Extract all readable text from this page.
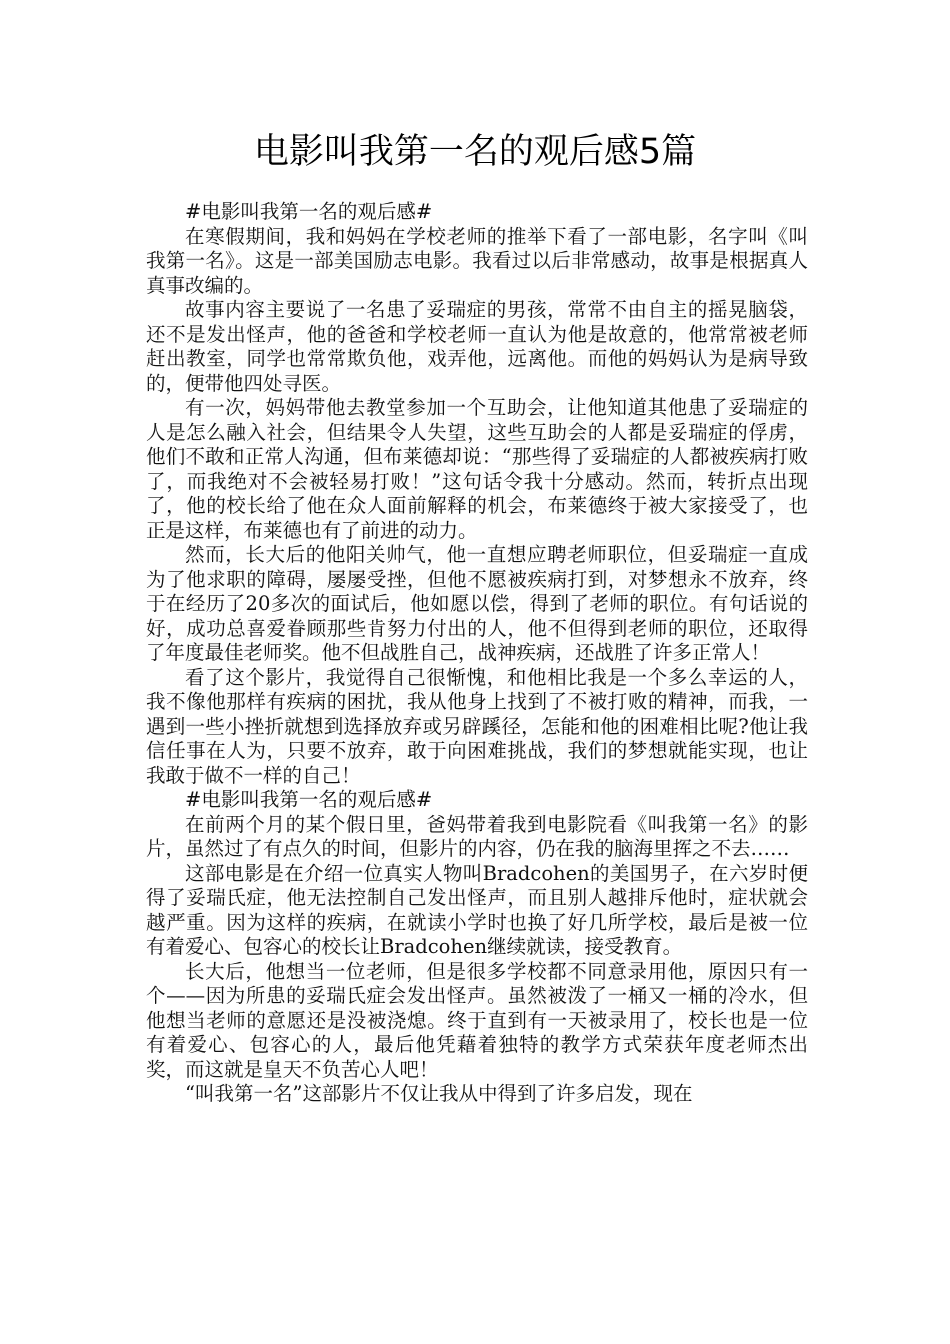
电影叫我第一名的观后感5篇

#电影叫我第一名的观后感#

在寒假期间，我和妈妈在学校老师的推举下看了一部电影，名字叫《叫我第一名》。这是一部美国励志电影。我看过以后非常感动，故事是根据真人真事改编的。

故事内容主要说了一名患了妥瑞症的男孩，常常不由自主的摇晃脑袋，还不是发出怪声，他的爸爸和学校老师一直认为他是故意的，他常常被老师赶出教室，同学也常常欺负他，戏弄他，远离他。而他的妈妈认为是病导致的，便带他四处寻医。

有一次，妈妈带他去教堂参加一个互助会，让他知道其他患了妥瑞症的人是怎么融入社会，但结果令人失望，这些互助会的人都是妥瑞症的俘虏，他们不敢和正常人沟通，但布莱德却说：“那些得了妥瑞症的人都被疾病打败了，而我绝对不会被轻易打败！”这句话令我十分感动。然而，转折点出现了，他的校长给了他在众人面前解释的机会，布莱德终于被大家接受了，也正是这样，布莱德也有了前进的动力。

然而，长大后的他阳关帅气，他一直想应聘老师职位，但妥瑞症一直成为了他求职的障碍，屡屡受挫，但他不愿被疾病打到，对梦想永不放弃，终于在经历了20多次的面试后，他如愿以偿，得到了老师的职位。有句话说的好，成功总喜爱眷顾那些肯努力付出的人，他不但得到老师的职位，还取得了年度最佳老师奖。他不但战胜自己，战神疾病，还战胜了许多正常人！

看了这个影片，我觉得自己很惭愧，和他相比我是一个多么幸运的人，我不像他那样有疾病的困扰，我从他身上找到了不被打败的精神，而我，一遇到一些小挫折就想到选择放弃或另辟蹊径，怎能和他的困难相比呢?他让我信任事在人为，只要不放弃，敢于向困难挑战，我们的梦想就能实现，也让我敢于做不一样的自己！

#电影叫我第一名的观后感#

在前两个月的某个假日里，爸妈带着我到电影院看《叫我第一名》的影片，虽然过了有点久的时间，但影片的内容，仍在我的脑海里挥之不去……

这部电影是在介绍一位真实人物叫Bradcohen的美国男子，在六岁时便得了妥瑞氏症，他无法控制自己发出怪声，而且别人越排斥他时，症状就会越严重。因为这样的疾病，在就读小学时也换了好几所学校，最后是被一位有着爱心、包容心的校长让Bradcohen继续就读，接受教育。

长大后，他想当一位老师，但是很多学校都不同意录用他，原因只有一个——因为所患的妥瑞氏症会发出怪声。虽然被泼了一桶又一桶的冷水，但他想当老师的意愿还是没被浇熄。终于直到有一天被录用了，校长也是一位有着爱心、包容心的人，最后他凭藉着独特的教学方式荣获年度老师杰出奖，而这就是皇天不负苦心人吧！

“叫我第一名”这部影片不仅让我从中得到了许多启发，现在
